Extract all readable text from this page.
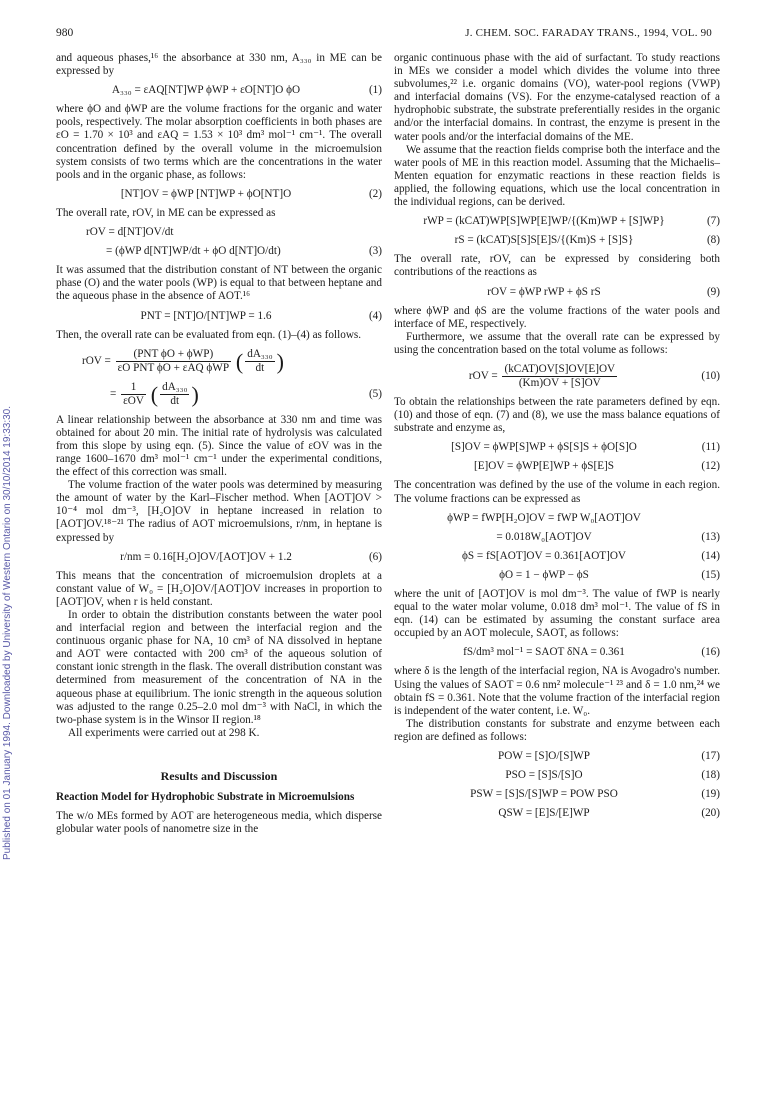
Published on 01 January 1994. Downloaded by University of Western Ontario on 30/10/2014 19:33:30.
980	J. CHEM. SOC. FARADAY TRANS., 1994, VOL. 90

and aqueous phases,¹⁶ the absorbance at 330 nm, A₃₃₀ in ME can be expressed by

A₃₃₀ = εAQ[NT]WP ϕWP + εO[NT]O ϕO	(1)

where ϕO and ϕWP are the volume fractions for the organic and water pools, respectively. The molar absorption coefficients in both phases are εO = 1.70 × 10³ and εAQ = 1.53 × 10³ dm³ mol⁻¹ cm⁻¹. The overall concentration defined by the overall volume in the microemulsion system consists of two terms which are the concentrations in the water pools and in the organic phase, as follows:

[NT]OV = ϕWP [NT]WP + ϕO[NT]O	(2)

The overall rate, rOV, in ME can be expressed as

rOV = d[NT]OV/dt
= (ϕWP d[NT]WP/dt + ϕO d[NT]O/dt)	(3)

It was assumed that the distribution constant of NT between the organic phase (O) and the water pools (WP) is equal to that between heptane and the aqueous phase in the absence of AOT.¹⁶

PNT = [NT]O/[NT]WP = 1.6	(4)

Then, the overall rate can be evaluated from eqn. (1)–(4) as follows.

rOV = $\frac{\text{(PNT ϕO + ϕWP)}}{\text{εO PNT ϕO + εAQ ϕWP}}$ ( $\frac{\text{dA₃₃₀}}{dt}$ )
= $\frac{1}{\text{εOV}}$ ( $\frac{\text{dA₃₃₀}}{dt}$ )	(5)

A linear relationship between the absorbance at 330 nm and time was obtained for about 20 min. The initial rate of hydrolysis was calculated from this slope by using eqn. (5). Since the value of εOV was in the range 1600–1670 dm³ mol⁻¹ cm⁻¹ under the experimental conditions, the effect of this correction was small.

The volume fraction of the water pools was determined by measuring the amount of water by the Karl–Fischer method. When [AOT]OV > 10⁻⁴ mol dm⁻³, [H₂O]OV in heptane increased in relation to [AOT]OV.¹⁸⁻²¹ The radius of AOT microemulsions, r/nm, in heptane is expressed by

r/nm = 0.16[H₂O]OV/[AOT]OV + 1.2	(6)

This means that the concentration of microemulsion droplets at a constant value of W₀ = [H₂O]OV/[AOT]OV increases in proportion to [AOT]OV, when r is held constant.

In order to obtain the distribution constants between the water pool and interfacial region and between the interfacial region and the continuous organic phase for NA, 10 cm³ of NA dissolved in heptane and AOT were contacted with 200 cm³ of the aqueous solution of constant ionic strength in the flask. The overall distribution constant was determined from measurement of the concentration of NA in the aqueous phase at equilibrium. The ionic strength in the aqueous solution was adjusted to the range 0.25–2.0 mol dm⁻³ with NaCl, in which the two-phase system is in the Winsor II region.¹⁸

All experiments were carried out at 298 K.

Results and Discussion
Reaction Model for Hydrophobic Substrate in Microemulsions

The w/o MEs formed by AOT are heterogeneous media, which disperse globular water pools of nanometre size in the

organic continuous phase with the aid of surfactant. To study reactions in MEs we consider a model which divides the volume into three subvolumes,²² i.e. organic domains (VO), water-pool regions (VWP) and interfacial domains (VS). For the enzyme-catalysed reaction of a hydrophobic substrate, the substrate preferentially resides in the organic and/or the interfacial domains. In contrast, the enzyme is present in the water pools and/or the interfacial domains of the ME.

We assume that the reaction fields comprise both the interface and the water pools of ME in this reaction model. Assuming that the Michaelis–Menten equation for enzymatic reactions in these reaction fields is applied, the following equations, which use the local concentration in the individual regions, can be derived.

rWP = (kCAT)WP[S]WP[E]WP/{(Km)WP + [S]WP}	(7)
rS = (kCAT)S[S]S[E]S/{(Km)S + [S]S}	(8)

The overall rate, rOV, can be expressed by considering both contributions of the reactions as

rOV = ϕWP rWP + ϕS rS	(9)

where ϕWP and ϕS are the volume fractions of the water pools and interface of ME, respectively.

Furthermore, we assume that the overall rate can be expressed by using the concentration based on the total volume as follows:

rOV = $\frac{\text{(kCAT)OV[S]OV[E]OV}}{(Km)OV + [S]OV}$	(10)

To obtain the relationships between the rate parameters defined by eqn. (10) and those of eqn. (7) and (8), we use the mass balance equations of substrate and enzyme as,

[S]OV = ϕWP[S]WP + ϕS[S]S + ϕO[S]O	(11)
[E]OV = ϕWP[E]WP + ϕS[E]S	(12)

The concentration was defined by the use of the volume in each region. The volume fractions can be expressed as

ϕWP = fWP[H₂O]OV = fWP W₀[AOT]OV
= 0.018W₀[AOT]OV	(13)
ϕS = fS[AOT]OV = 0.361[AOT]OV	(14)
ϕO = 1 − ϕWP − ϕS	(15)

where the unit of [AOT]OV is mol dm⁻³. The value of fWP is nearly equal to the water molar volume, 0.018 dm³ mol⁻¹. The value of fS in eqn. (14) can be estimated by assuming the constant surface area occupied by an AOT molecule, SAOT, as follows:

fS/dm³ mol⁻¹ = SAOT δNA = 0.361	(16)

where δ is the length of the interfacial region, NA is Avogadro's number. Using the values of SAOT = 0.6 nm² molecule⁻¹ ²³ and δ = 1.0 nm,²⁴ we obtain fS = 0.361. Note that the volume fraction of the interfacial region is independent of the water content, i.e. W₀.

The distribution constants for substrate and enzyme between each region are defined as follows:

POW = [S]O/[S]WP	(17)
PSO = [S]S/[S]O	(18)
PSW = [S]S/[S]WP = POW PSO	(19)
QSW = [E]S/[E]WP	(20)
